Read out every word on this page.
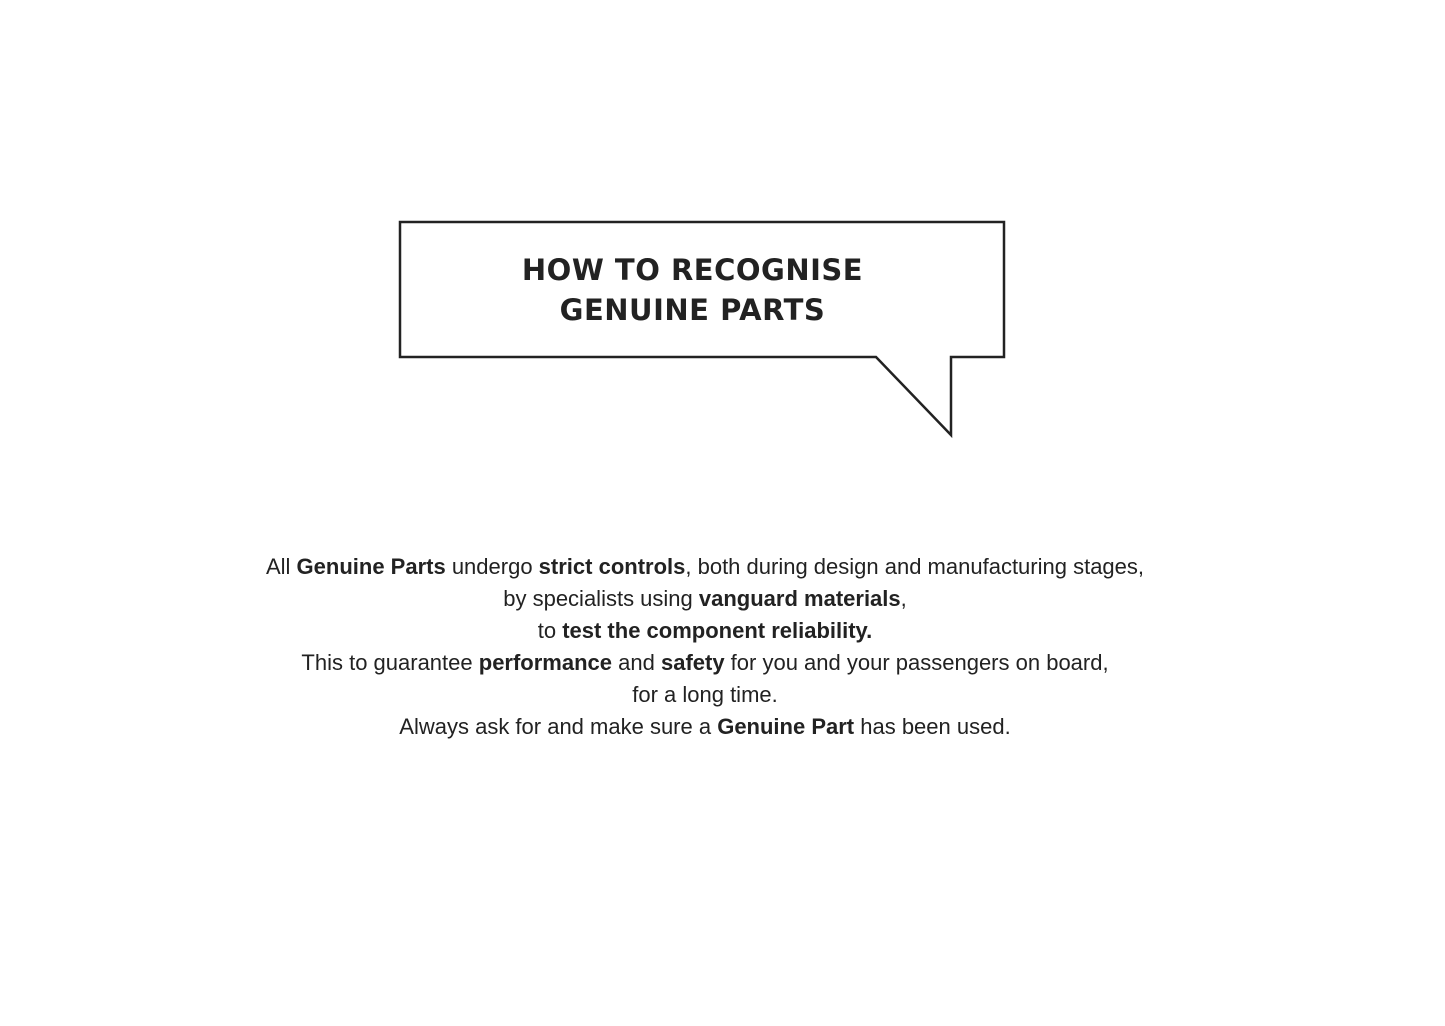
HOW TO RECOGNISE
GENUINE PARTS
All Genuine Parts undergo strict controls, both during design and manufacturing stages,
by specialists using vanguard materials,
to test the component reliability.
This to guarantee performance and safety for you and your passengers on board,
for a long time.
Always ask for and make sure a Genuine Part has been used.
